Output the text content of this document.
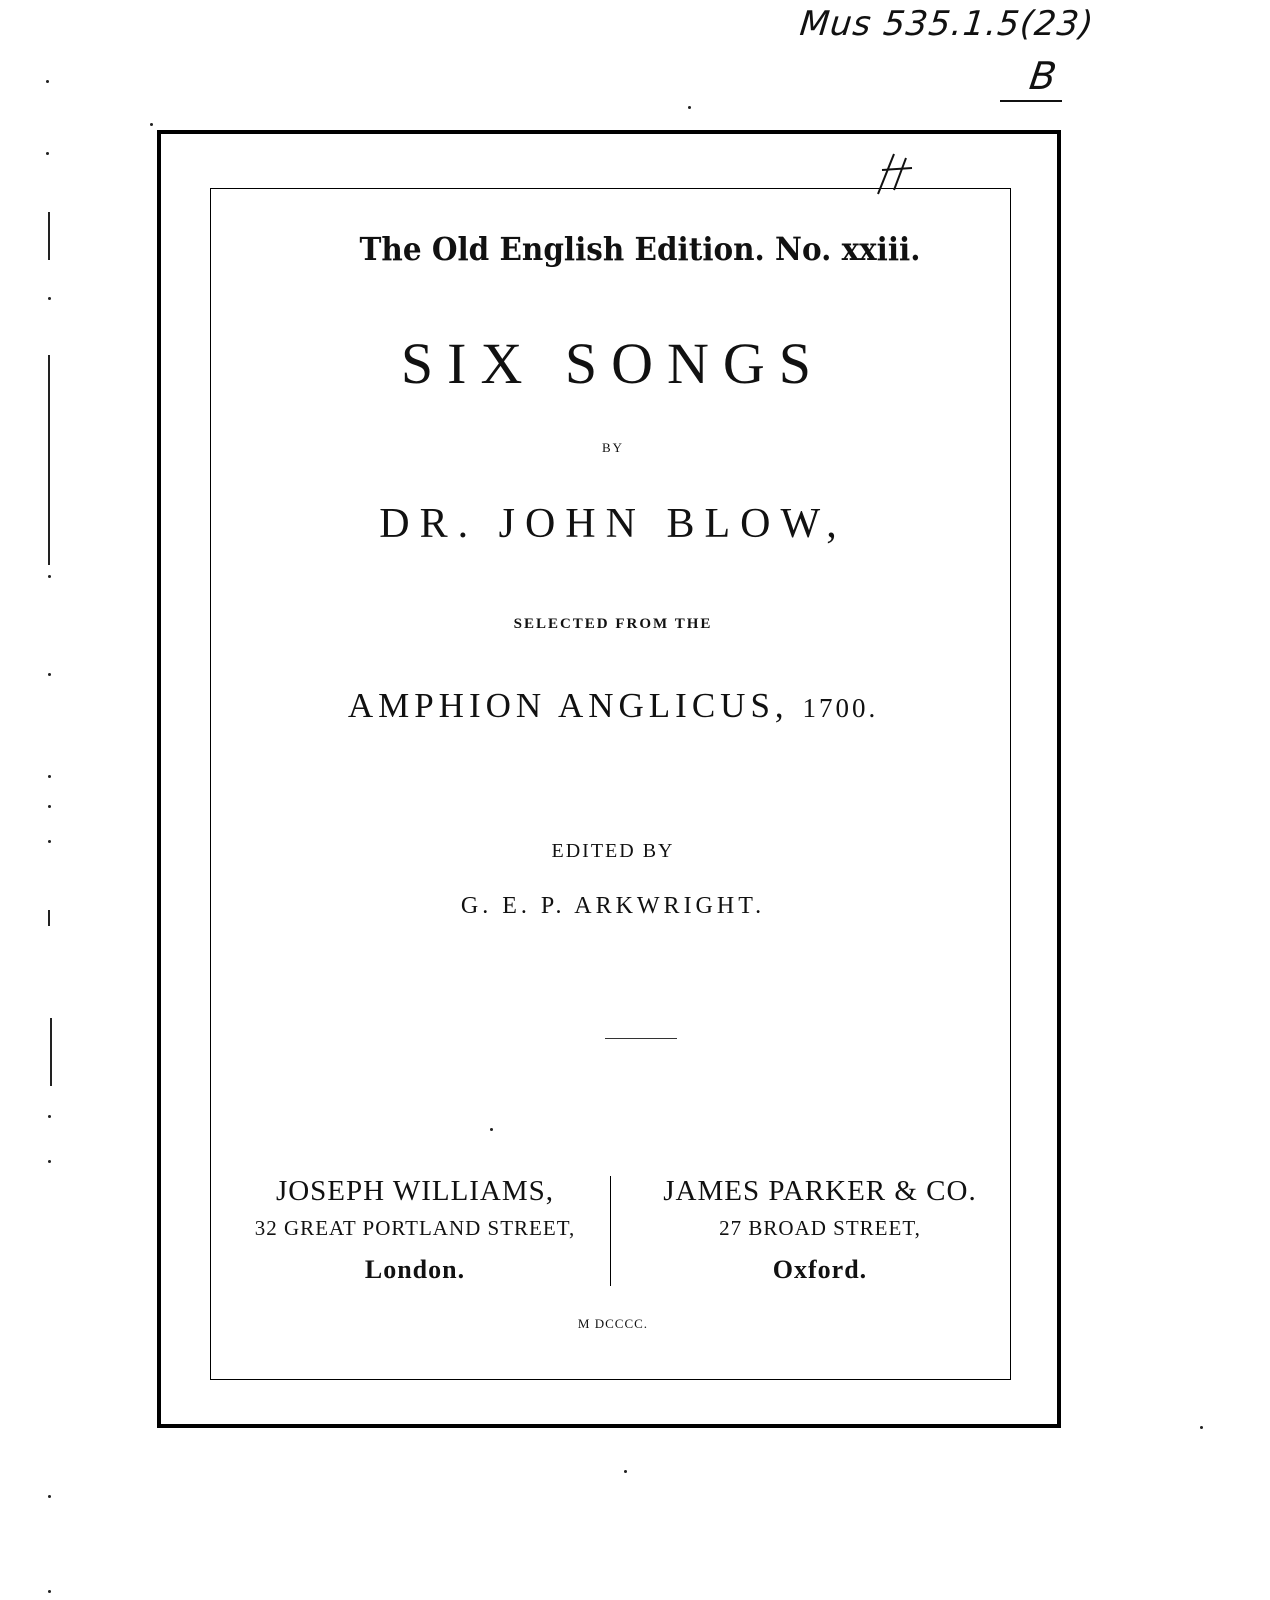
Mus 535.1.5(23)
B
The Old English Edition. No. xxiii.
SIX SONGS
BY
DR. JOHN BLOW,
SELECTED FROM THE
AMPHION ANGLICUS, 1700.
EDITED BY
G. E. P. ARKWRIGHT.
JOSEPH WILLIAMS,
32 GREAT PORTLAND STREET,
London.
JAMES PARKER & CO.
27 BROAD STREET,
Oxford.
M DCCCC.
